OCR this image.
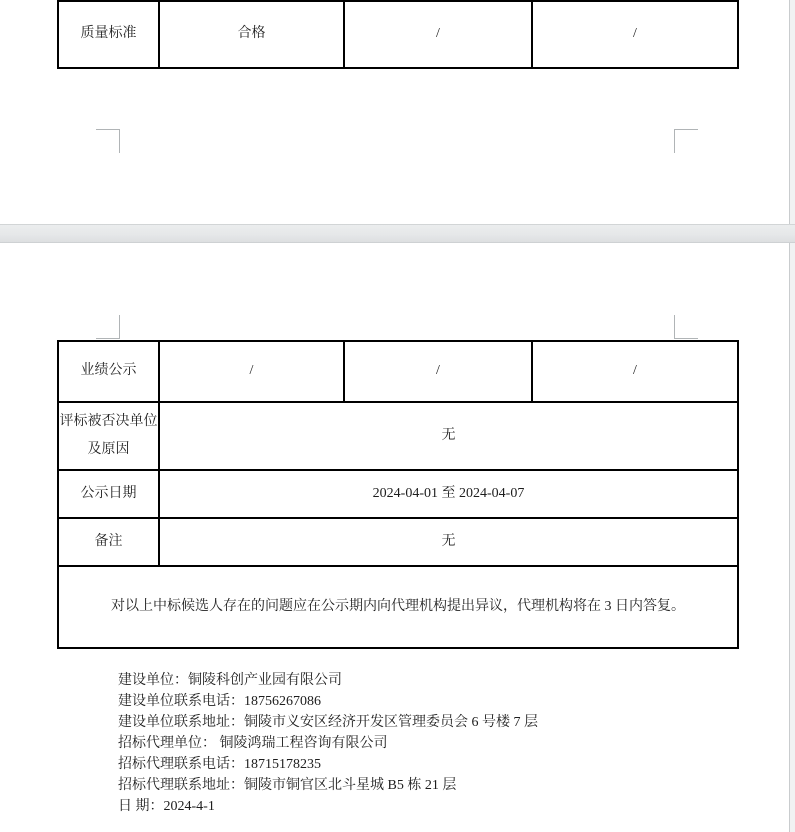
质量标准	合格	/	/
业绩公示	/	/	/

评标被否决单位
及原因	无		
公示日期	2024-04-01 至 2024-04-07		
备注	无		
对以上中标候选人存在的问题应在公示期内向代理机构提出异议，代理机构将在 3 日内答复。			
建设单位：铜陵科创产业园有限公司
建设单位联系电话：18756267086
建设单位联系地址：铜陵市义安区经济开发区管理委员会 6 号楼 7 层
招标代理单位： 铜陵鸿瑞工程咨询有限公司
招标代理联系电话：18715178235
招标代理联系地址：铜陵市铜官区北斗星城 B5 栋 21 层
日 期：2024-4-1
